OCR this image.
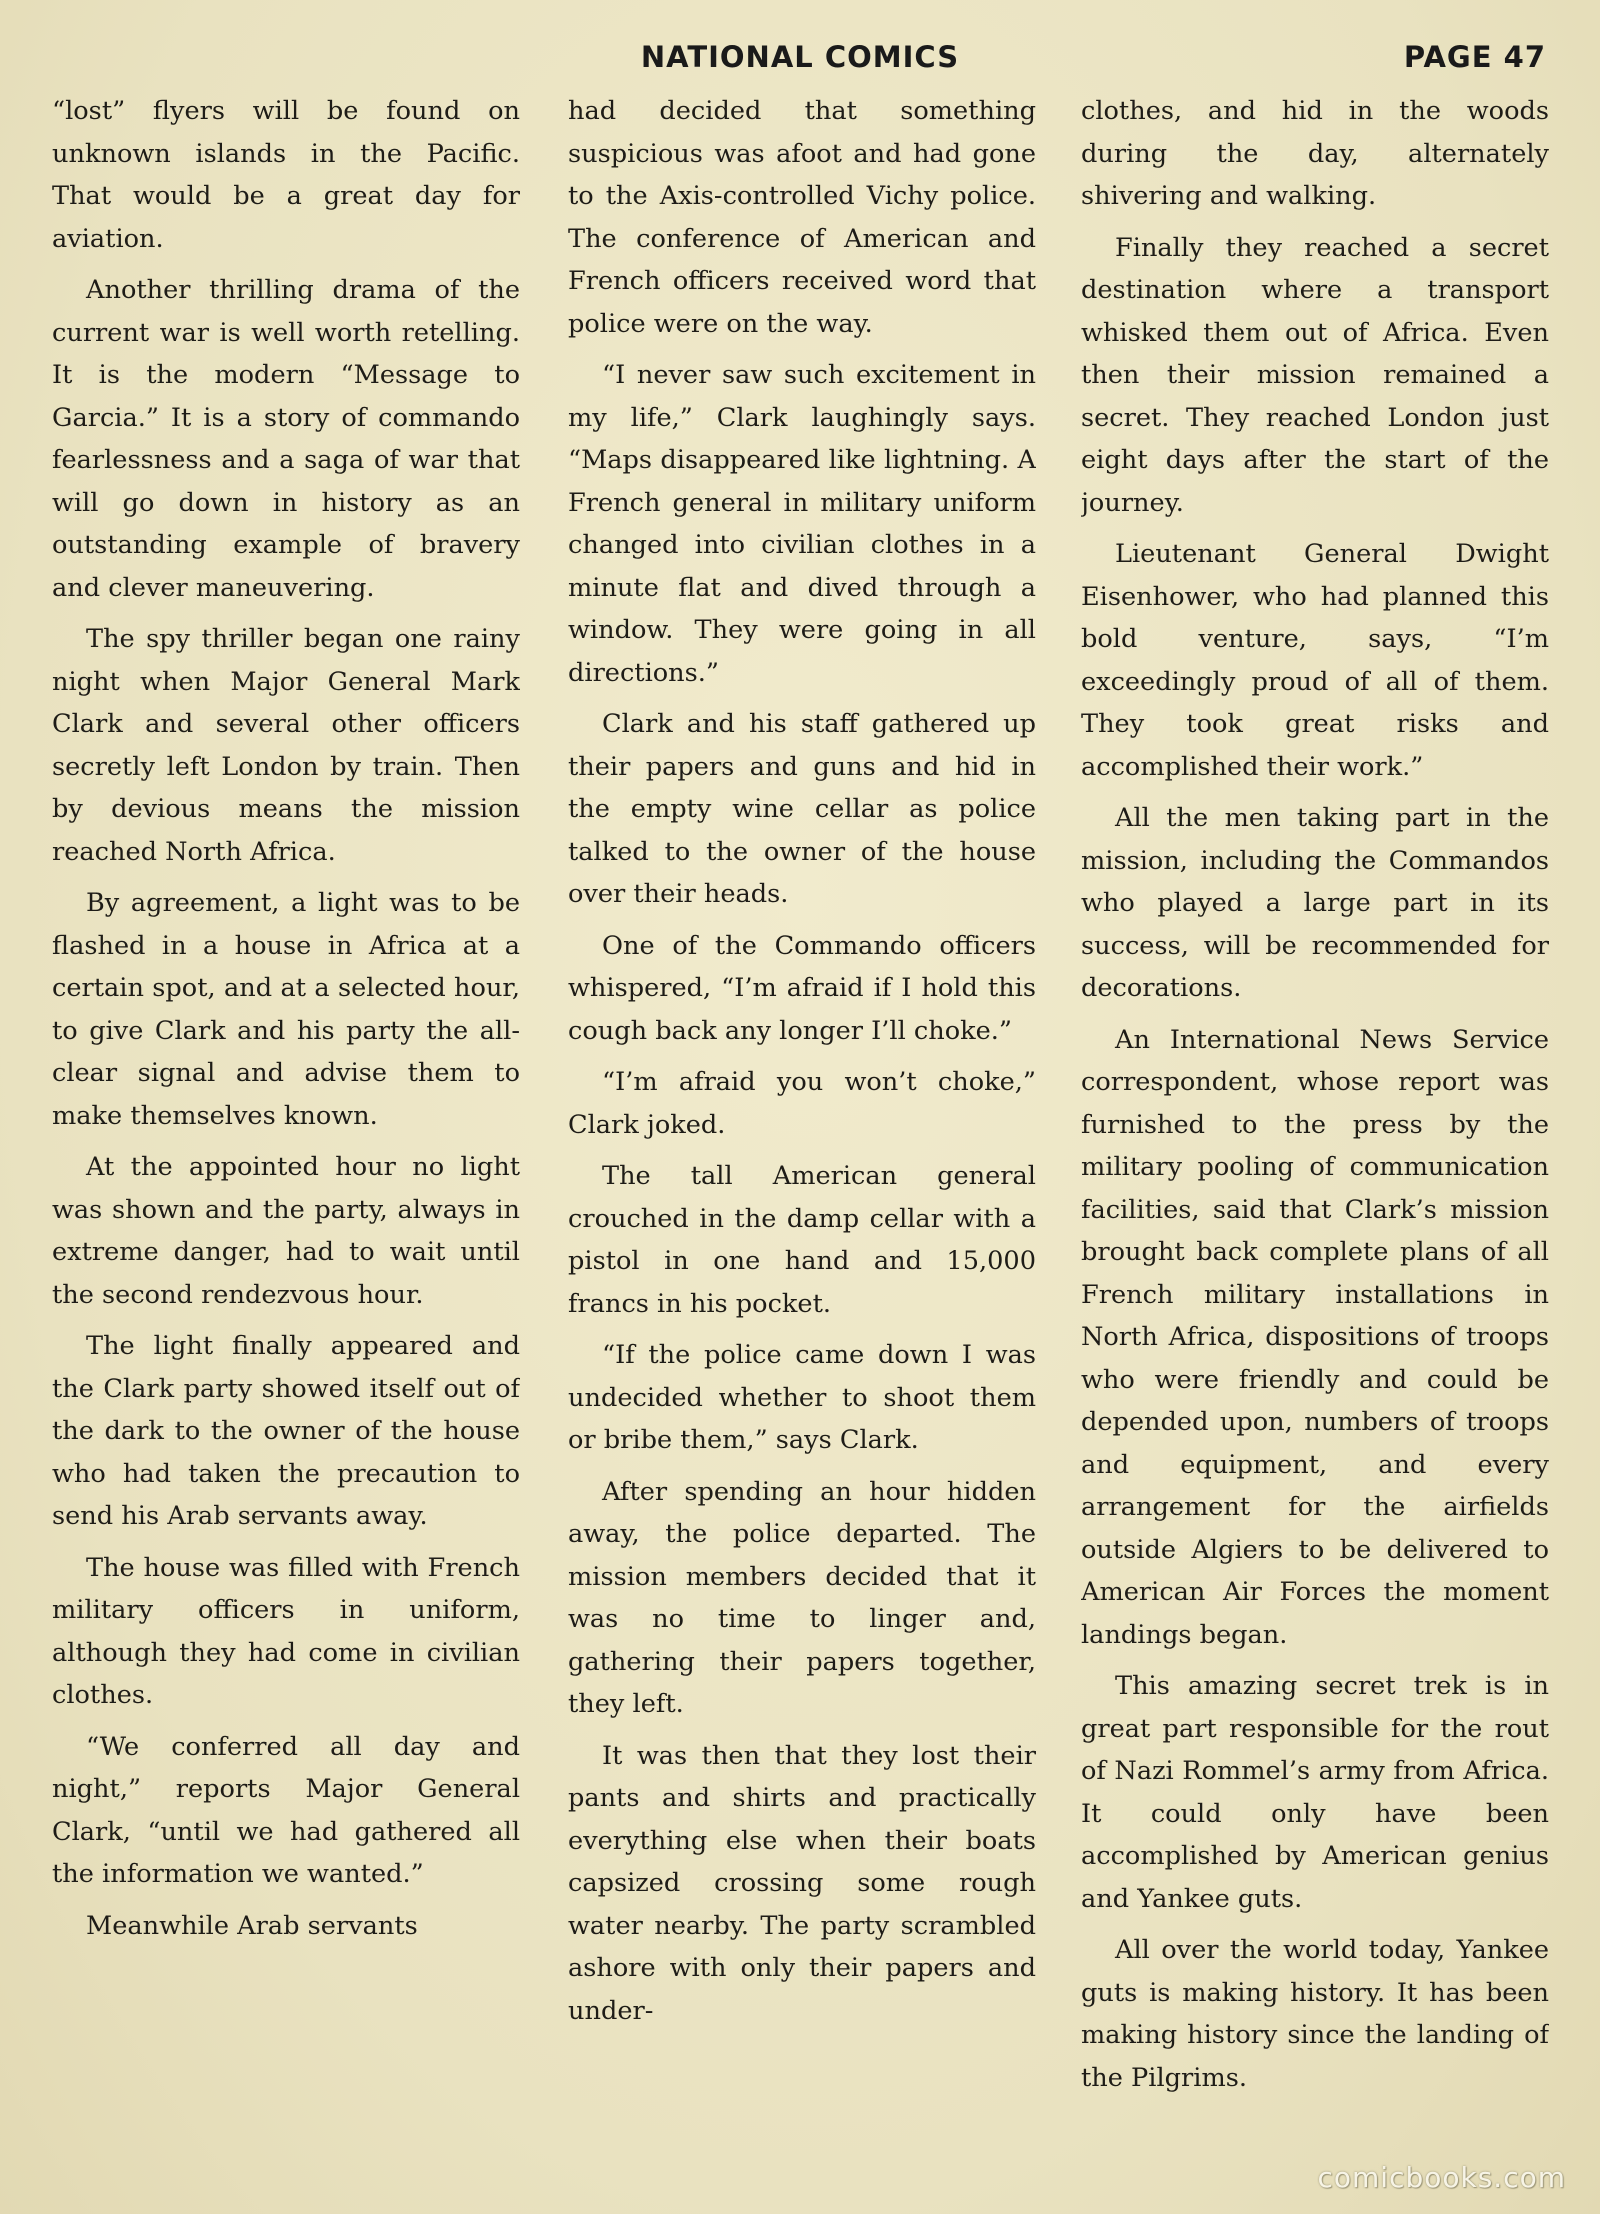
NATIONAL COMICS	PAGE 47

“lost” flyers will be found on unknown islands in the Pacific. That would be a great day for aviation.

Another thrilling drama of the current war is well worth retelling. It is the modern “Message to Garcia.” It is a story of commando fearlessness and a saga of war that will go down in history as an outstanding example of bravery and clever maneuvering.

The spy thriller began one rainy night when Major General Mark Clark and several other officers secretly left London by train. Then by devious means the mission reached North Africa.

By agreement, a light was to be flashed in a house in Africa at a certain spot, and at a selected hour, to give Clark and his party the all-clear signal and advise them to make themselves known.

At the appointed hour no light was shown and the party, always in extreme danger, had to wait until the second rendezvous hour.

The light finally appeared and the Clark party showed itself out of the dark to the owner of the house who had taken the precaution to send his Arab servants away.

The house was filled with French military officers in uniform, although they had come in civilian clothes.

“We conferred all day and night,” reports Major General Clark, “until we had gathered all the information we wanted.”

Meanwhile Arab servants

had decided that something suspicious was afoot and had gone to the Axis-controlled Vichy police. The conference of American and French officers received word that police were on the way.

“I never saw such excitement in my life,” Clark laughingly says. “Maps disappeared like lightning. A French general in military uniform changed into civilian clothes in a minute flat and dived through a window. They were going in all directions.”

Clark and his staff gathered up their papers and guns and hid in the empty wine cellar as police talked to the owner of the house over their heads.

One of the Commando officers whispered, “I’m afraid if I hold this cough back any longer I’ll choke.”

“I’m afraid you won’t choke,” Clark joked.

The tall American general crouched in the damp cellar with a pistol in one hand and 15,000 francs in his pocket.

“If the police came down I was undecided whether to shoot them or bribe them,” says Clark.

After spending an hour hidden away, the police departed. The mission members decided that it was no time to linger and, gathering their papers together, they left.

It was then that they lost their pants and shirts and practically everything else when their boats capsized crossing some rough water nearby. The party scrambled ashore with only their papers and under-

clothes, and hid in the woods during the day, alternately shivering and walking.

Finally they reached a secret destination where a transport whisked them out of Africa. Even then their mission remained a secret. They reached London just eight days after the start of the journey.

Lieutenant General Dwight Eisenhower, who had planned this bold venture, says, “I’m exceedingly proud of all of them. They took great risks and accomplished their work.”

All the men taking part in the mission, including the Commandos who played a large part in its success, will be recommended for decorations.

An International News Service correspondent, whose report was furnished to the press by the military pooling of communication facilities, said that Clark’s mission brought back complete plans of all French military installations in North Africa, dispositions of troops who were friendly and could be depended upon, numbers of troops and equipment, and every arrangement for the airfields outside Algiers to be delivered to American Air Forces the moment landings began.

This amazing secret trek is in great part responsible for the rout of Nazi Rommel’s army from Africa. It could only have been accomplished by American genius and Yankee guts.

All over the world today, Yankee guts is making history. It has been making history since the landing of the Pilgrims.

comicbooks.com
